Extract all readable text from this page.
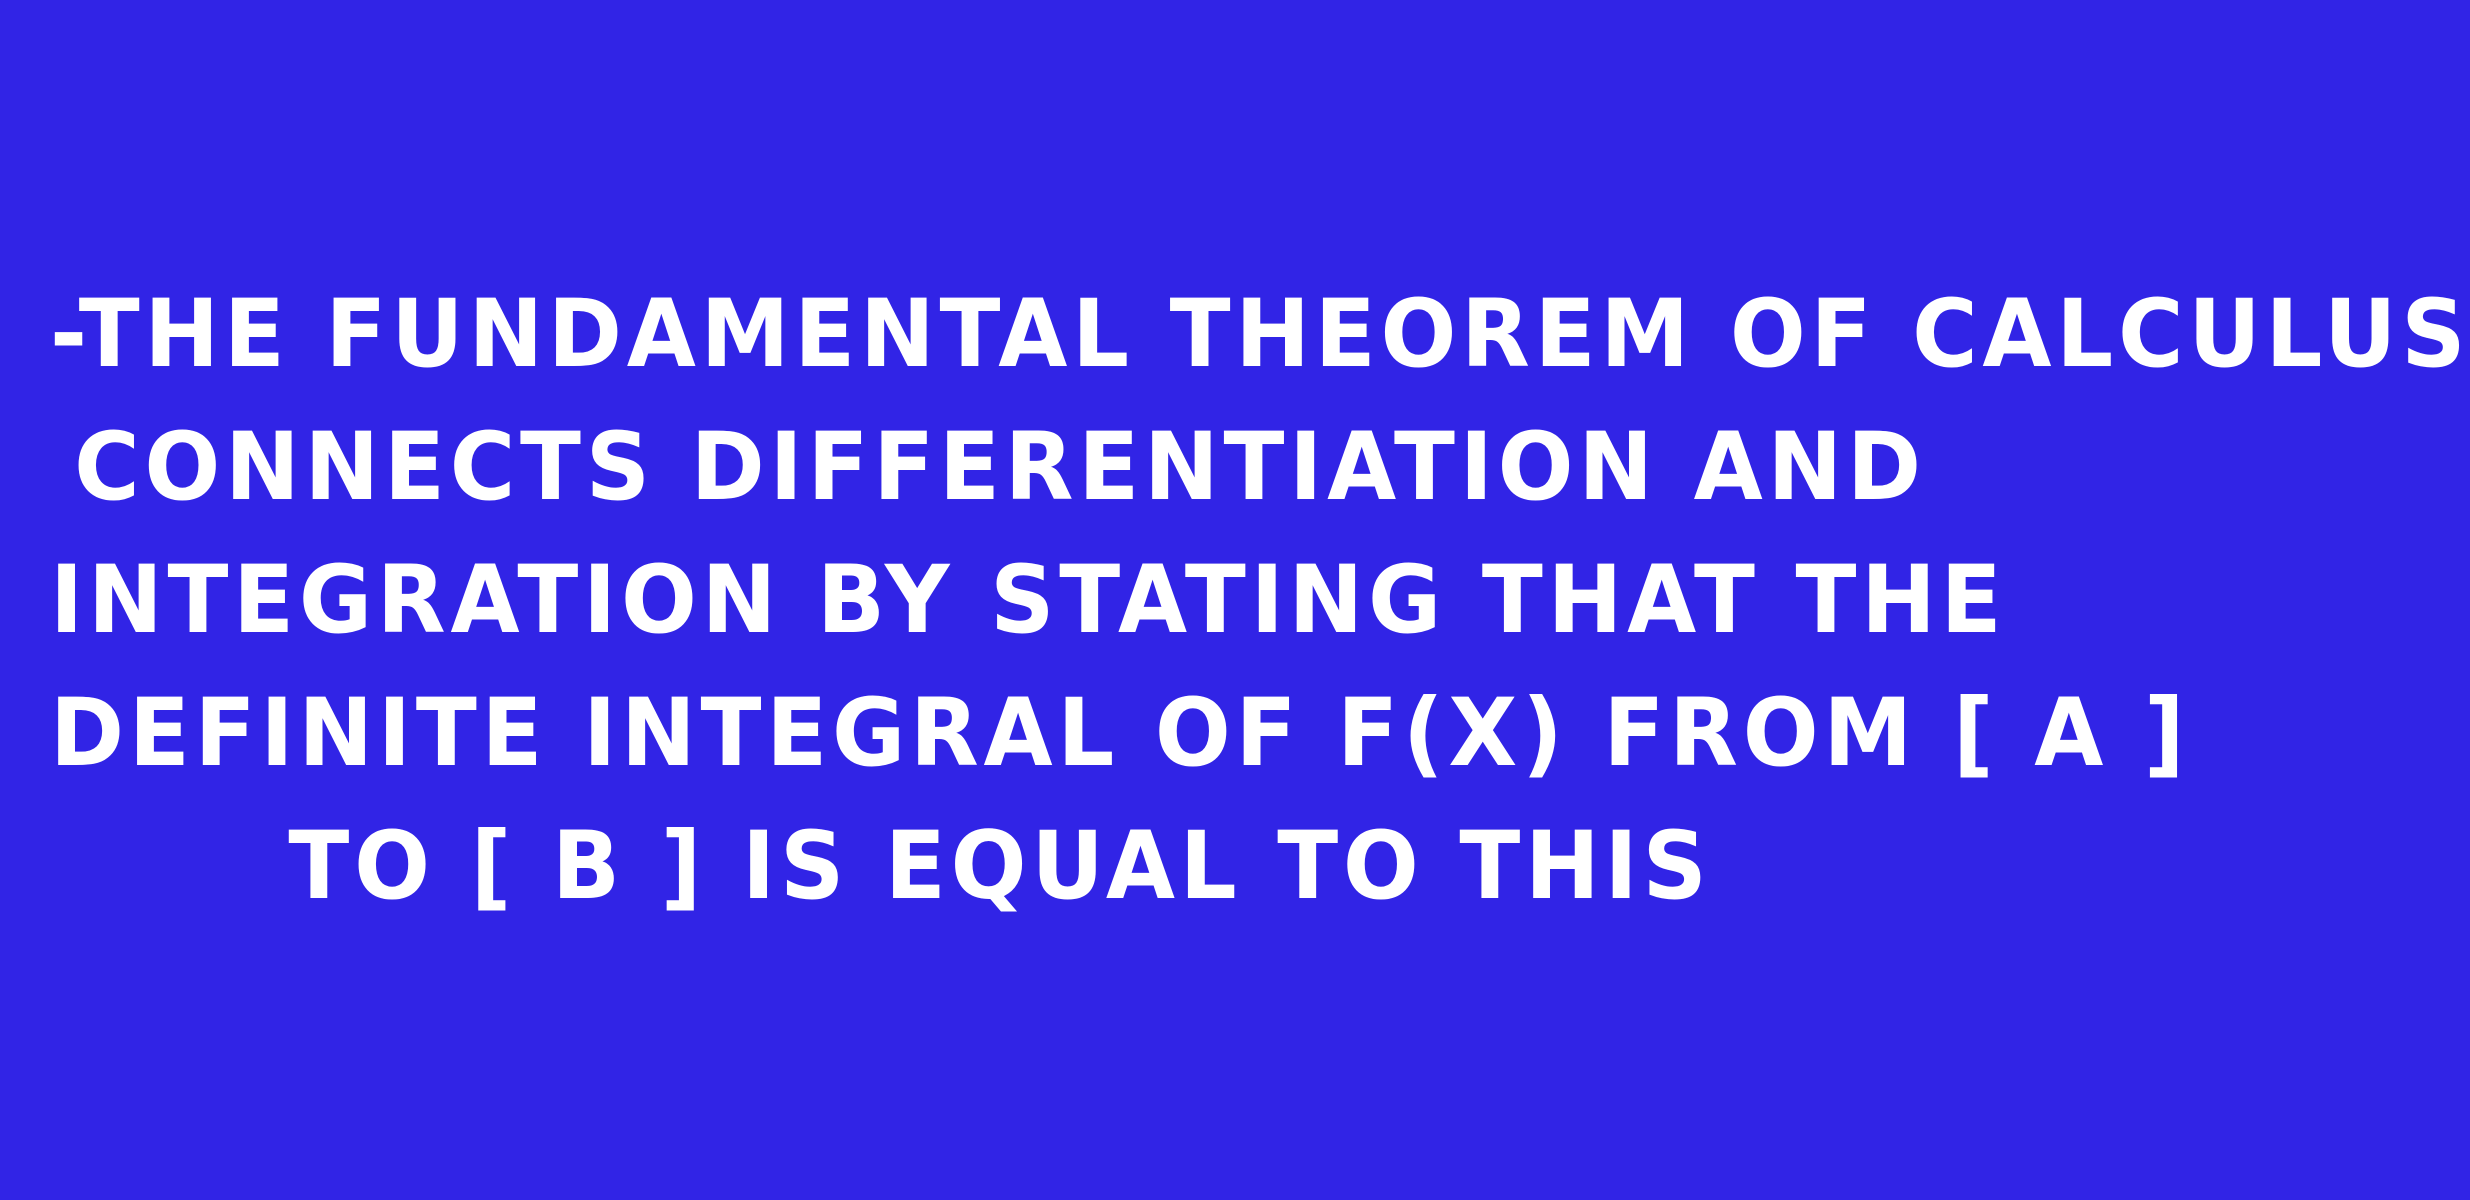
-THE FUNDAMENTAL THEOREM OF CALCULUS
CONNECTS DIFFERENTIATION AND
INTEGRATION BY STATING THAT THE
DEFINITE INTEGRAL OF F(X) FROM [ A ]
TO [ B ] IS EQUAL TO THIS
